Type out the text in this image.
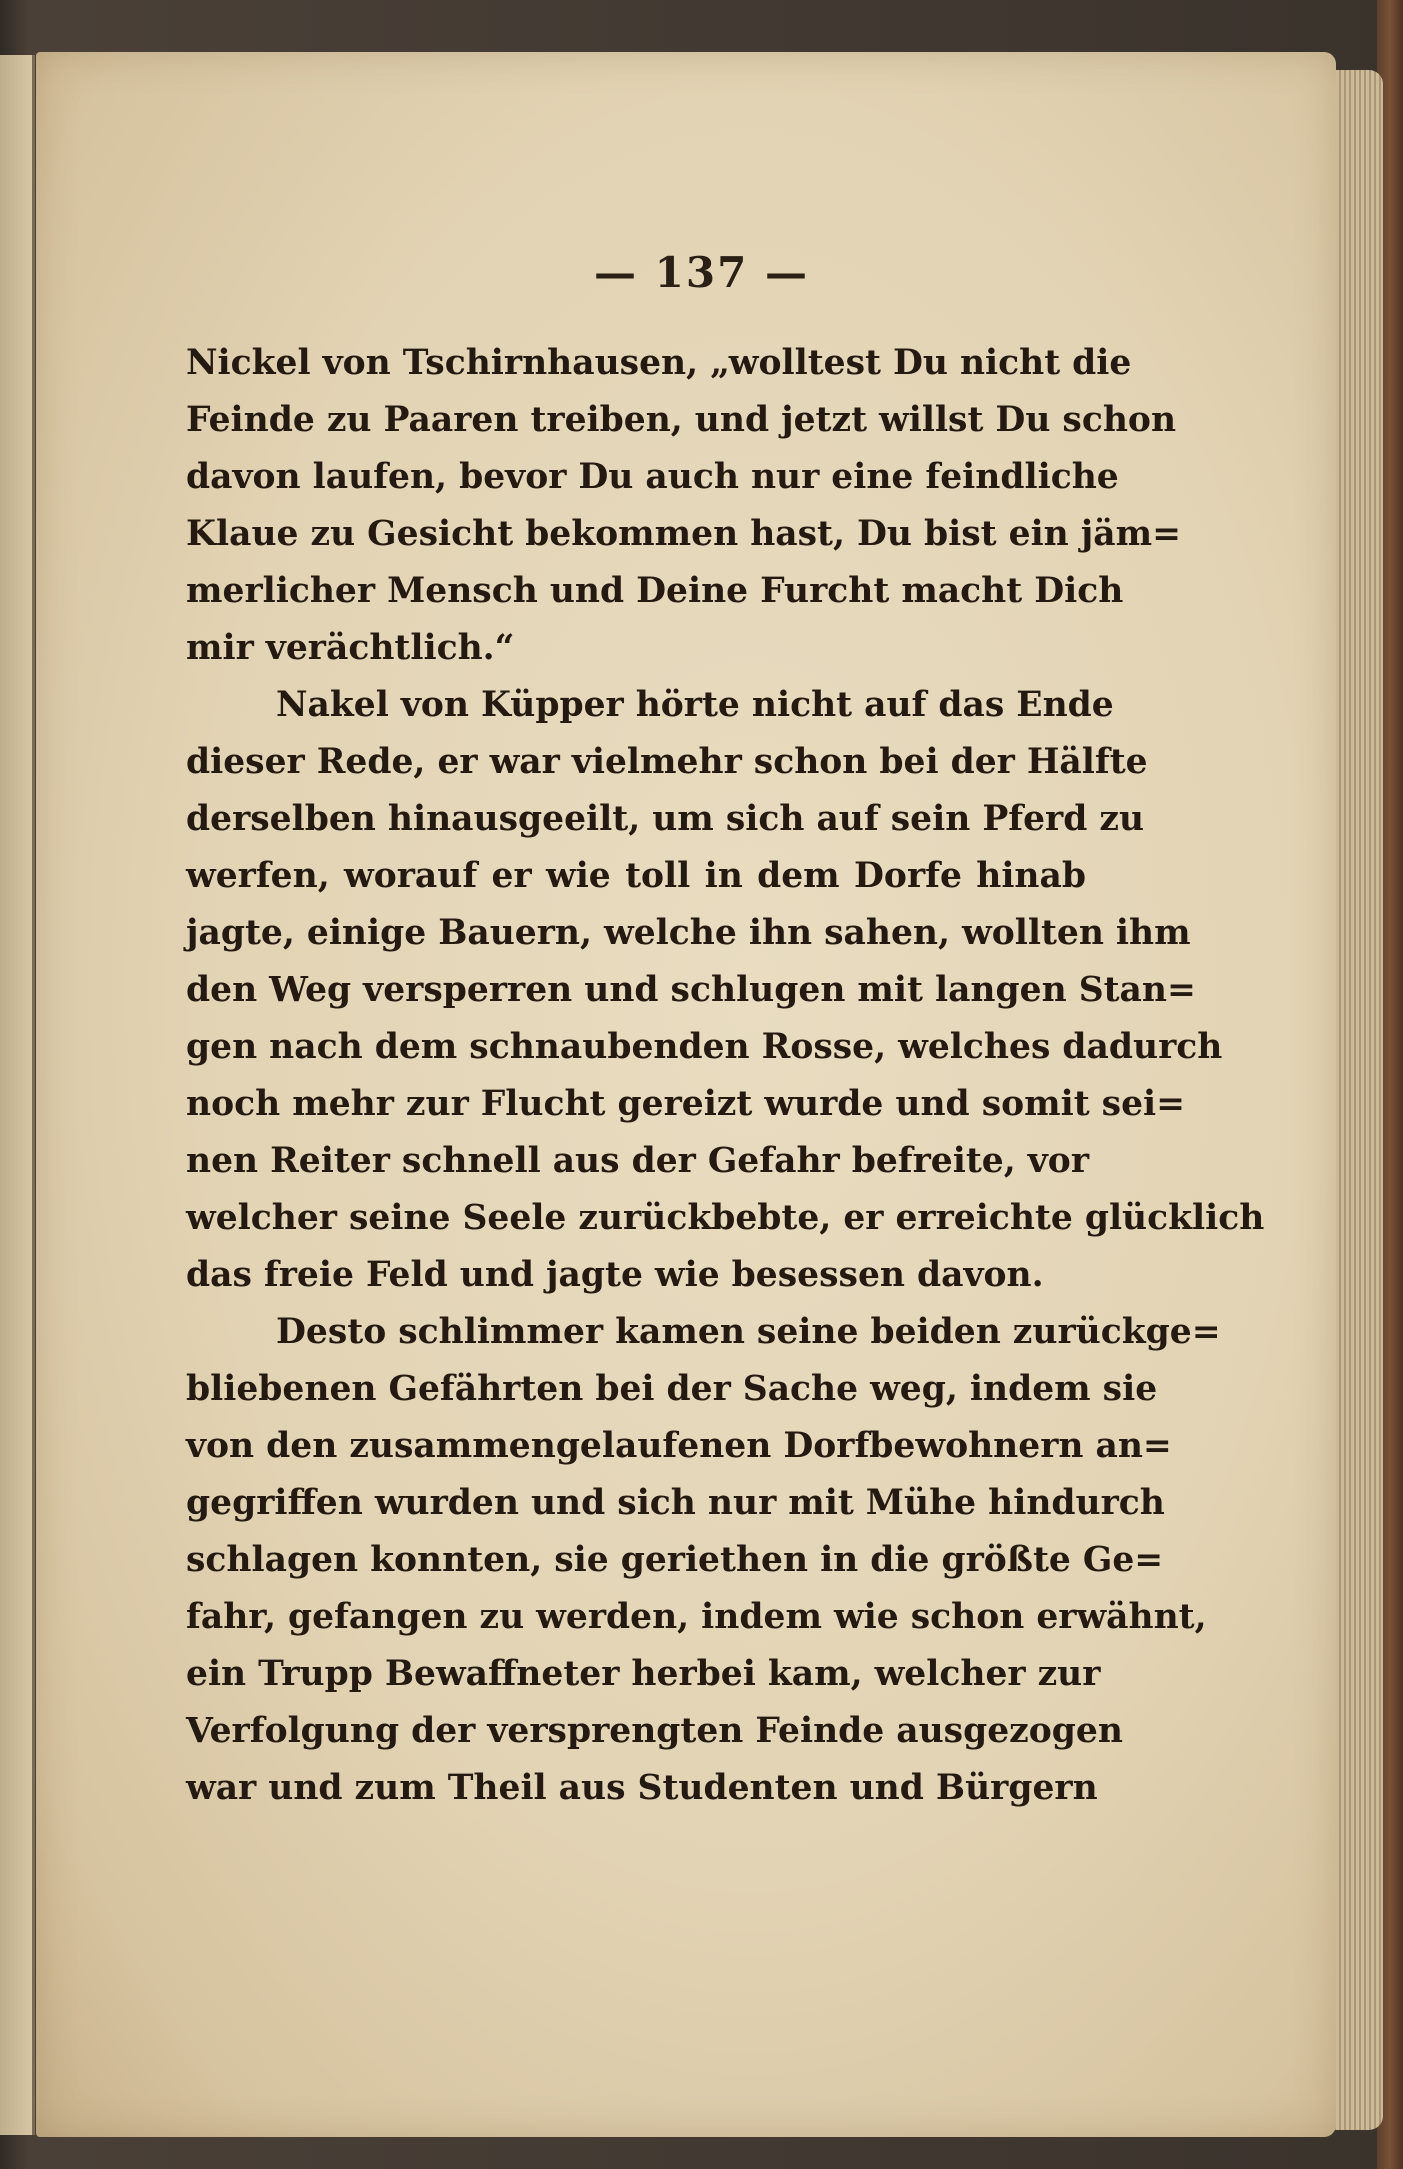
— 137 —

Nickel von Tschirnhausen, „wolltest Du nicht die
Feinde zu Paaren treiben, und jetzt willst Du schon
davon laufen, bevor Du auch nur eine feindliche
Klaue zu Gesicht bekommen hast, Du bist ein jäm=
merlicher Mensch und Deine Furcht macht Dich
mir verächtlich.“

Nakel von Küpper hörte nicht auf das Ende
dieser Rede, er war vielmehr schon bei der Hälfte
derselben hinausgeeilt, um sich auf sein Pferd zu
werfen, worauf er wie toll in dem Dorfe hinab
jagte, einige Bauern, welche ihn sahen, wollten ihm
den Weg versperren und schlugen mit langen Stan=
gen nach dem schnaubenden Rosse, welches dadurch
noch mehr zur Flucht gereizt wurde und somit sei=
nen Reiter schnell aus der Gefahr befreite, vor
welcher seine Seele zurückbebte, er erreichte glücklich
das freie Feld und jagte wie besessen davon.

Desto schlimmer kamen seine beiden zurückge=
bliebenen Gefährten bei der Sache weg, indem sie
von den zusammengelaufenen Dorfbewohnern an=
gegriffen wurden und sich nur mit Mühe hindurch
schlagen konnten, sie geriethen in die größte Ge=
fahr, gefangen zu werden, indem wie schon erwähnt,
ein Trupp Bewaffneter herbei kam, welcher zur
Verfolgung der versprengten Feinde ausgezogen
war und zum Theil aus Studenten und Bürgern
